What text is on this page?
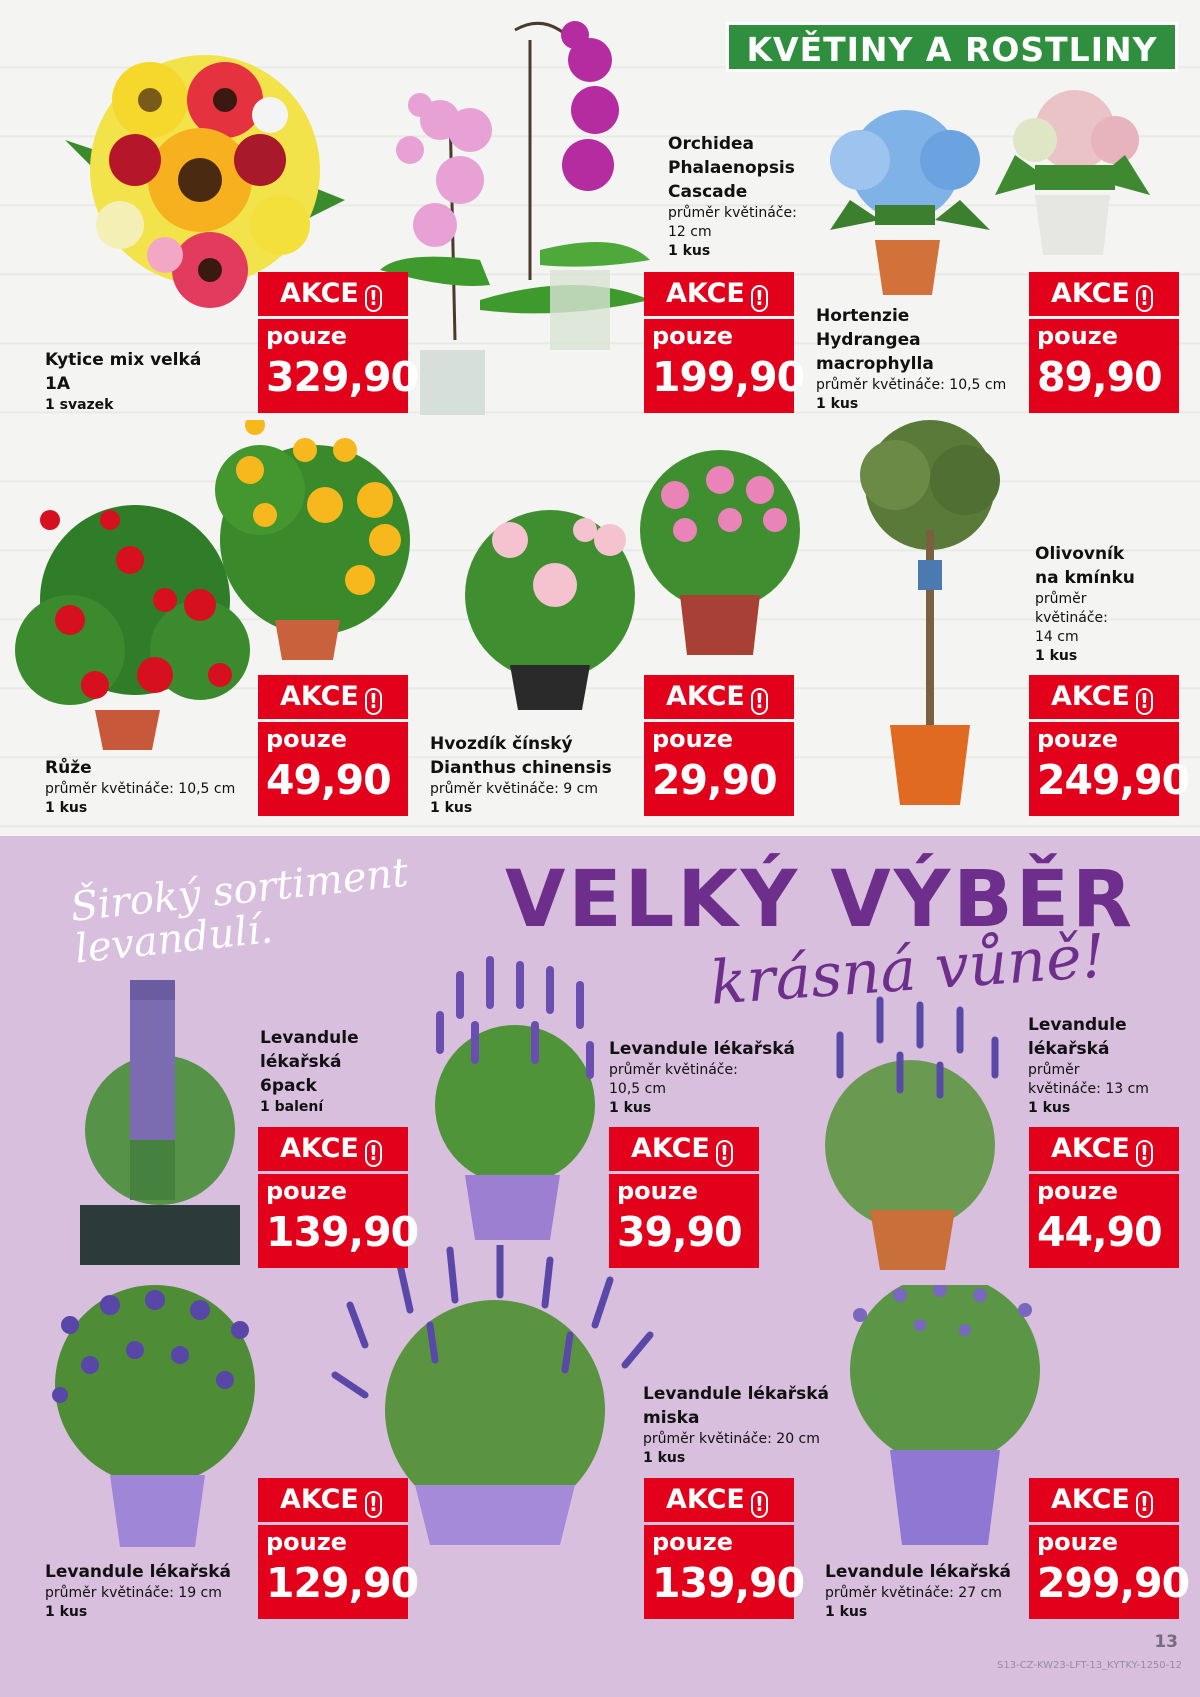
KVĚTINY A ROSTLINY
Kytice mix velká
1A
1 svazek
AKCE !
pouze
329,90
Orchidea
Phalaenopsis
Cascade
průměr květináče:
12 cm
1 kus
AKCE !
pouze
199,90
Hortenzie
Hydrangea
macrophylla
průměr květináče: 10,5 cm
1 kus
AKCE !
pouze
89,90
Růže
průměr květináče: 10,5 cm
1 kus
AKCE !
pouze
49,90
Hvozdík čínský
Dianthus chinensis
průměr květináče: 9 cm
1 kus
AKCE !
pouze
29,90
Olivovník
na kmínku
průměr
květináče:
14 cm
1 kus
AKCE !
pouze
249,90
Široký sortiment levandulí.	VELKÝ VÝBĚR
krásná vůně!
Levandule
lékařská
6pack
1 balení
AKCE !
pouze
139,90
Levandule lékařská
průměr květináče:
10,5 cm
1 kus
AKCE !
pouze
39,90
Levandule
lékařská
průměr
květináče: 13 cm
1 kus
AKCE !
pouze
44,90
Levandule lékařská
průměr květináče: 19 cm
1 kus
AKCE !
pouze
129,90
Levandule lékařská
miska
průměr květináče: 20 cm
1 kus
AKCE !
pouze
139,90 Levandule lékařská
průměr květináče: 27 cm
1 kus
AKCE !
pouze
299,90
13
S13-CZ-KW23-LFT-13_KYTKY-1250-12
